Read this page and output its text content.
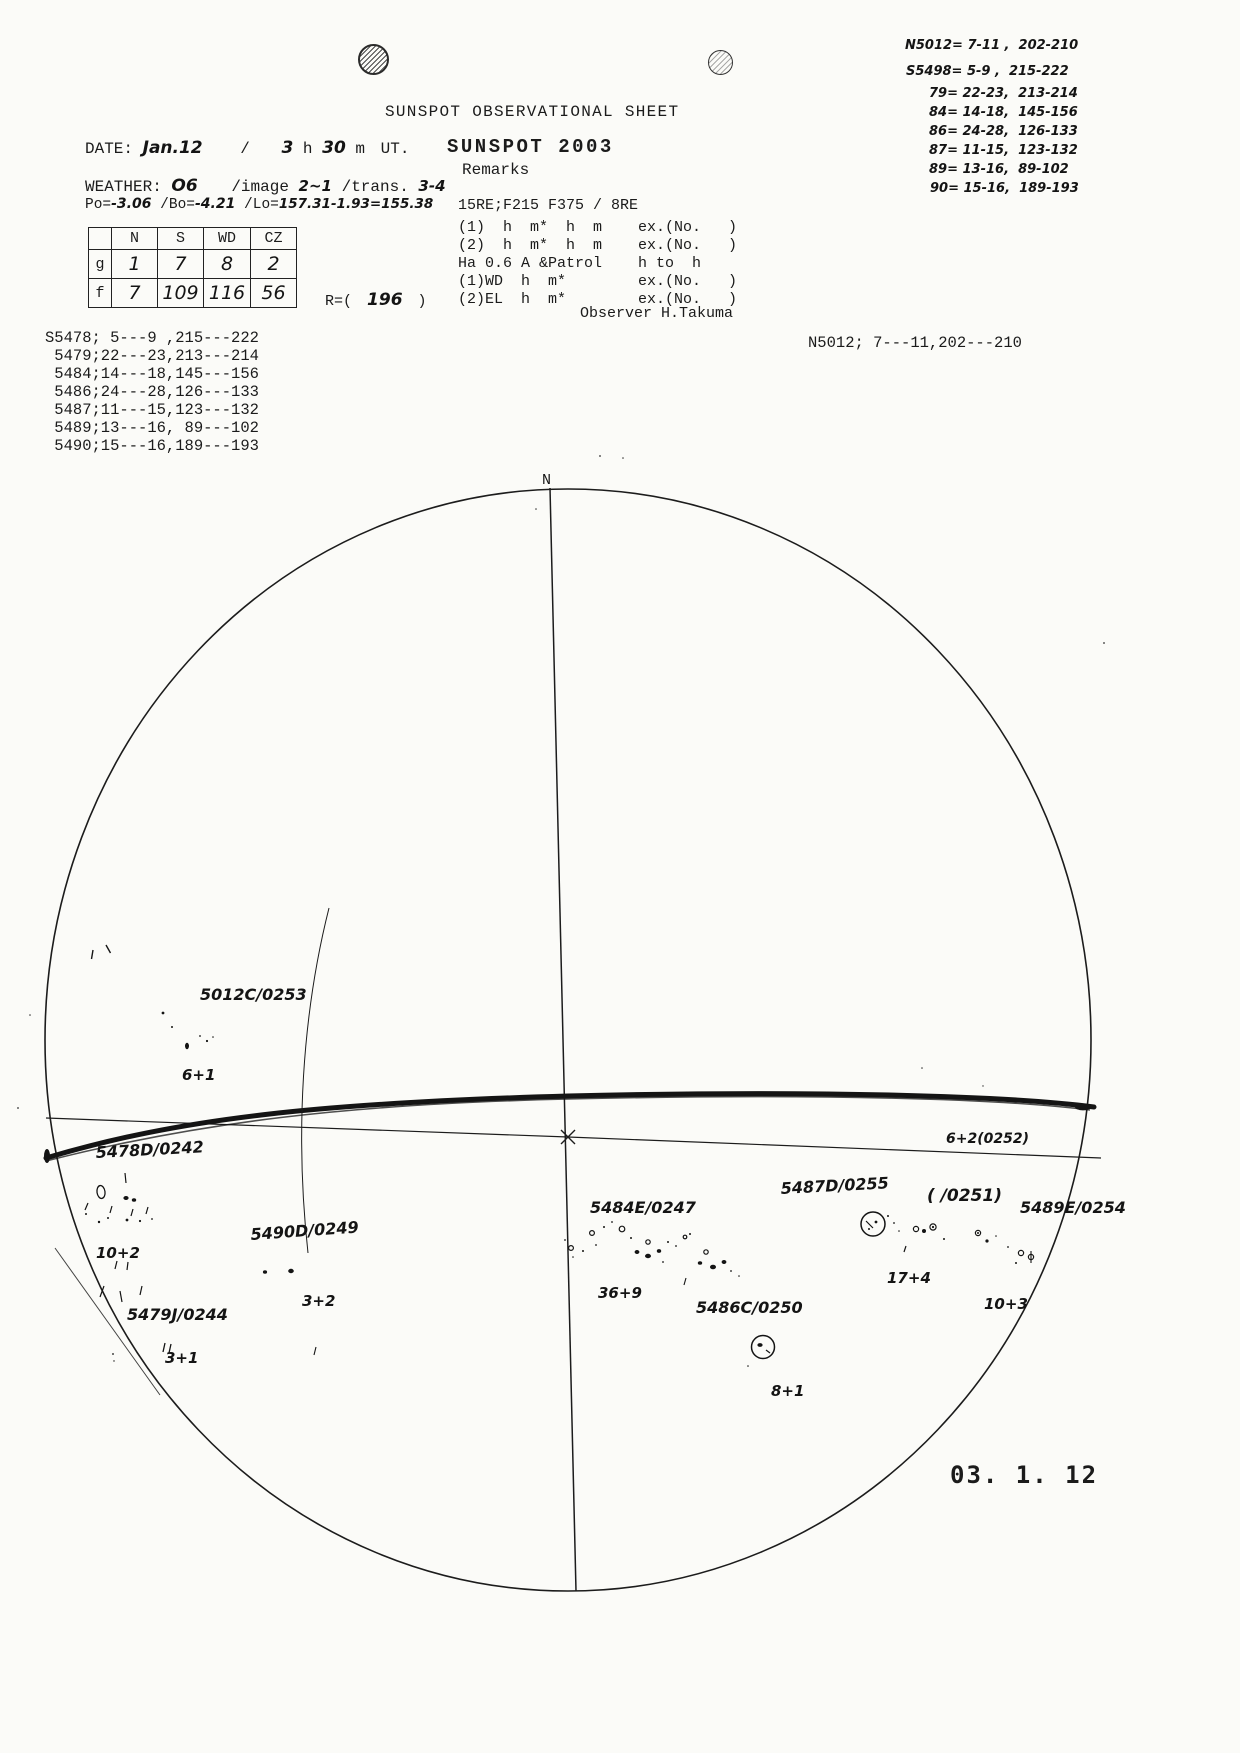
SUNSPOT OBSERVATIONAL SHEET
N5012= 7-11 ,  202-210
S5498= 5-9 ,  215-222
79= 22-23,  213-214
84= 14-18,  145-156
86= 24-28,  126-133
87= 11-15,  123-132
89= 13-16,  89-102
90= 15-16,  189-193
DATE: Jan.12 / 3 h 30 m UT.
WEATHER: O6 /image 2~1 /trans. 3-4
Po=-3.06 /Bo=-4.21 /Lo=157.31-1.93=155.38
	N	S	WD	CZ
g	1	7	8	2
f	7	109	116	56	R=( 196 )
SUNSPOT 2003
Remarks
15RE;F215 F375 / 8RE
(1)  h  m*  h  m    ex.(No.   )
(2)  h  m*  h  m    ex.(No.   )
Ha 0.6 A &Patrol    h to  h
(1)WD  h  m*        ex.(No.   )
(2)EL  h  m*        ex.(No.   )
Observer H.Takuma
S5478; 5---9 ,215---222
5479;22---23,213---214
5484;14---18,145---156
5486;24---28,126---133
5487;11---15,123---132
5489;13---16, 89---102
5490;15---16,189---193
N5012; 7---11,202---210
N
5012C/0253
6+1
5478D/0242
10+2
5479J/0244
3+1
5490D/0249
3+2
5484E/0247
36+9
5487D/0255
17+4
( /0251)
6+2(0252)
5486C/0250
8+1
5489E/0254
10+3
03. 1. 12
